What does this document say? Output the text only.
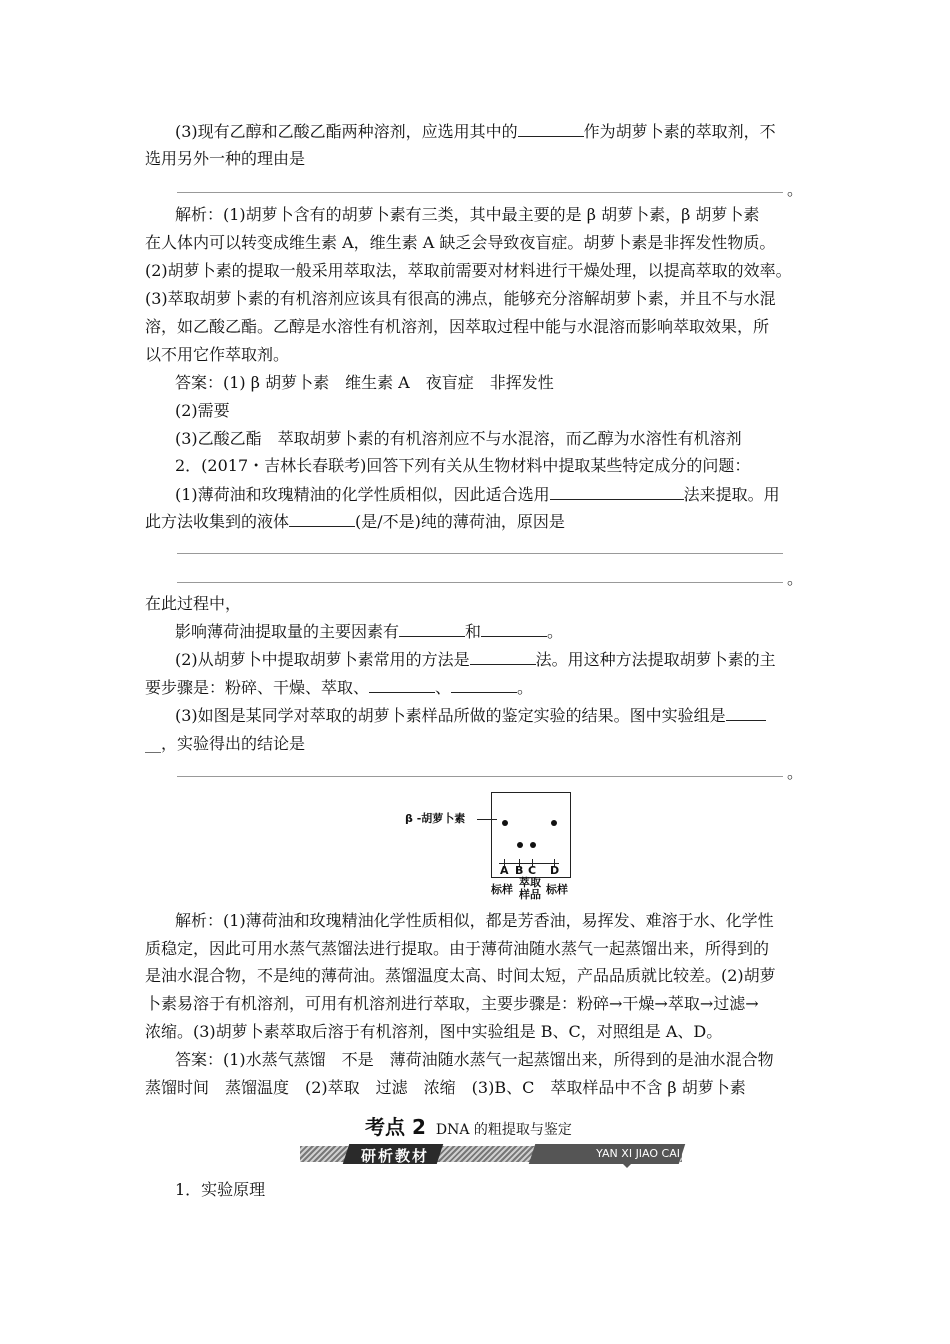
(3)现有乙醇和乙酸乙酯两种溶剂，应选用其中的	作为胡萝卜素的萃取剂，不
选用另外一种的理由是
。
解析：(1)胡萝卜含有的胡萝卜素有三类，其中最主要的是 β 胡萝卜素，β 胡萝卜素
在人体内可以转变成维生素 A，维生素 A 缺乏会导致夜盲症。胡萝卜素是非挥发性物质。
(2)胡萝卜素的提取一般采用萃取法，萃取前需要对材料进行干燥处理，以提高萃取的效率。
(3)萃取胡萝卜素的有机溶剂应该具有很高的沸点，能够充分溶解胡萝卜素，并且不与水混
溶，如乙酸乙酯。乙醇是水溶性有机溶剂，因萃取过程中能与水混溶而影响萃取效果，所
以不用它作萃取剂。
答案：(1) β 胡萝卜素　维生素 A　夜盲症　非挥发性
(2)需要
(3)乙酸乙酯　萃取胡萝卜素的有机溶剂应不与水混溶，而乙醇为水溶性有机溶剂
2．(2017・吉林长春联考)回答下列有关从生物材料中提取某些特定成分的问题：
(1)薄荷油和玫瑰精油的化学性质相似，因此适合选用	法来提取。用
此方法收集到的液体	(是/不是)纯的薄荷油，原因是
。
在此过程中，
影响薄荷油提取量的主要因素有	和	。
(2)从胡萝卜中提取胡萝卜素常用的方法是	法。用这种方法提取胡萝卜素的主
要步骤是：粉碎、干燥、萃取、	、	。
(3)如图是某同学对萃取的胡萝卜素样品所做的鉴定实验的结果。图中实验组是
__，实验得出的结论是
。
β -胡萝卜素
A B C D
标样
萃取
样品 标样
解析：(1)薄荷油和玫瑰精油化学性质相似，都是芳香油，易挥发、难溶于水、化学性
质稳定，因此可用水蒸气蒸馏法进行提取。由于薄荷油随水蒸气一起蒸馏出来，所得到的
是油水混合物，不是纯的薄荷油。蒸馏温度太高、时间太短，产品品质就比较差。(2)胡萝
卜素易溶于有机溶剂，可用有机溶剂进行萃取，主要步骤是：粉碎→干燥→萃取→过滤→
浓缩。(3)胡萝卜素萃取后溶于有机溶剂，图中实验组是 B、C，对照组是 A、D。
答案：(1)水蒸气蒸馏　不是　薄荷油随水蒸气一起蒸馏出来，所得到的是油水混合物
蒸馏时间　蒸馏温度　(2)萃取　过滤　浓缩　(3)B、C　萃取样品中不含 β 胡萝卜素
考点 2 DNA 的粗提取与鉴定
研析教材	YAN XI JIAO CAI
1．实验原理
